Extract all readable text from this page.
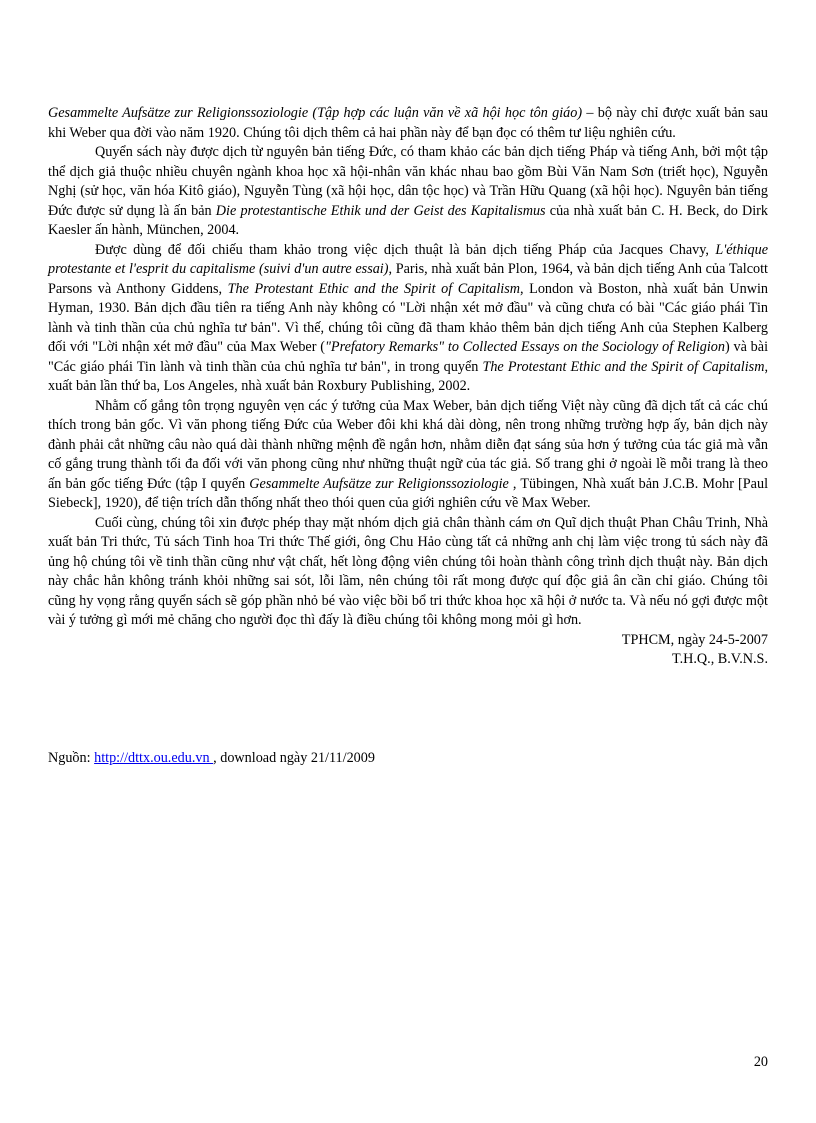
Gesammelte Aufsätze zur Religionssoziologie (Tập hợp các luận văn về xã hội học tôn giáo) – bộ này chỉ được xuất bản sau khi Weber qua đời vào năm 1920. Chúng tôi dịch thêm cả hai phần này để bạn đọc có thêm tư liệu nghiên cứu.

Quyển sách này được dịch từ nguyên bản tiếng Đức, có tham khảo các bản dịch tiếng Pháp và tiếng Anh, bởi một tập thể dịch giả thuộc nhiều chuyên ngành khoa học xã hội-nhân văn khác nhau bao gồm Bùi Văn Nam Sơn (triết học), Nguyễn Nghị (sử học, văn hóa Kitô giáo), Nguyễn Tùng (xã hội học, dân tộc học) và Trần Hữu Quang (xã hội học). Nguyên bản tiếng Đức được sử dụng là ấn bản Die protestantische Ethik und der Geist des Kapitalismus của nhà xuất bản C. H. Beck, do Dirk Kaesler ấn hành, München, 2004.

Được dùng để đối chiếu tham khảo trong việc dịch thuật là bản dịch tiếng Pháp của Jacques Chavy, L'éthique protestante et l'esprit du capitalisme (suivi d'un autre essai), Paris, nhà xuất bản Plon, 1964, và bản dịch tiếng Anh của Talcott Parsons và Anthony Giddens, The Protestant Ethic and the Spirit of Capitalism, London và Boston, nhà xuất bản Unwin Hyman, 1930. Bản dịch đầu tiên ra tiếng Anh này không có "Lời nhận xét mở đầu" và cũng chưa có bài "Các giáo phái Tin lành và tinh thần của chủ nghĩa tư bản". Vì thế, chúng tôi cũng đã tham khảo thêm bản dịch tiếng Anh của Stephen Kalberg đối với "Lời nhận xét mở đầu" của Max Weber ("Prefatory Remarks" to Collected Essays on the Sociology of Religion) và bài "Các giáo phái Tin lành và tinh thần của chủ nghĩa tư bản", in trong quyển The Protestant Ethic and the Spirit of Capitalism, xuất bản lần thứ ba, Los Angeles, nhà xuất bản Roxbury Publishing, 2002.

Nhằm cố gắng tôn trọng nguyên vẹn các ý tưởng của Max Weber, bản dịch tiếng Việt này cũng đã dịch tất cả các chú thích trong bản gốc. Vì văn phong tiếng Đức của Weber đôi khi khá dài dòng, nên trong những trường hợp ấy, bản dịch này đành phải cắt những câu nào quá dài thành những mệnh đề ngắn hơn, nhằm diễn đạt sáng sủa hơn ý tưởng của tác giả mà vẫn cố gắng trung thành tối đa đối với văn phong cũng như những thuật ngữ của tác giả. Số trang ghi ở ngoài lề mỗi trang là theo ấn bản gốc tiếng Đức (tập I quyển Gesammelte Aufsätze zur Religionssoziologie , Tübingen, Nhà xuất bản J.C.B. Mohr [Paul Siebeck], 1920), để tiện trích dẫn thống nhất theo thói quen của giới nghiên cứu về Max Weber.

Cuối cùng, chúng tôi xin được phép thay mặt nhóm dịch giả chân thành cám ơn Quĩ dịch thuật Phan Châu Trinh, Nhà xuất bản Tri thức, Tủ sách Tinh hoa Tri thức Thế giới, ông Chu Hảo cùng tất cả những anh chị làm việc trong tủ sách này đã ủng hộ chúng tôi về tinh thần cũng như vật chất, hết lòng động viên chúng tôi hoàn thành công trình dịch thuật này. Bản dịch này chắc hẳn không tránh khỏi những sai sót, lỗi lầm, nên chúng tôi rất mong được quí độc giả ân cần chỉ giáo. Chúng tôi cũng hy vọng rằng quyển sách sẽ góp phần nhỏ bé vào việc bồi bổ tri thức khoa học xã hội ở nước ta. Và nếu nó gợi được một vài ý tưởng gì mới mẻ chăng cho người đọc thì đấy là điều chúng tôi không mong mỏi gì hơn.

TPHCM, ngày 24-5-2007

T.H.Q., B.V.N.S.

Nguồn: http://dttx.ou.edu.vn , download ngày 21/11/2009
20
